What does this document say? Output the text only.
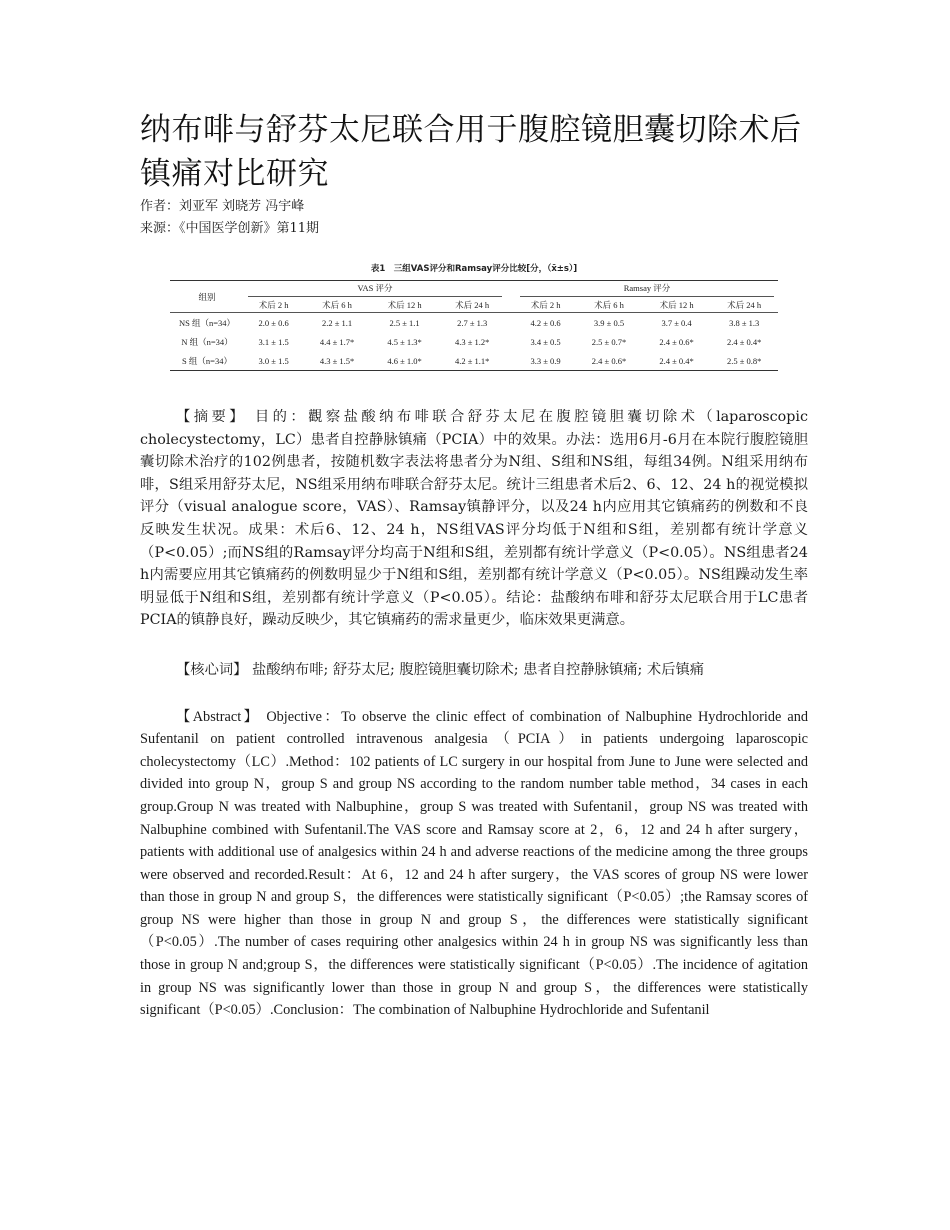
纳布啡与舒芬太尼联合用于腹腔镜胆囊切除术后镇痛对比研究

作者：刘亚军 刘晓芳 冯宇峰

来源：《中国医学创新》第11期

表1　三组VAS评分和Ramsay评分比较[分，（x̄±s）]

组别	VAS 评分					Ramsay 评分			

	术后 2 h	术后 6 h	术后 12 h	术后 24 h		术后 2 h	术后 6 h	术后 12 h	术后 24 h
NS 组（n=34）	2.0 ± 0.6	2.2 ± 1.1	2.5 ± 1.1	2.7 ± 1.3		4.2 ± 0.6	3.9 ± 0.5	3.7 ± 0.4	3.8 ± 1.3
N 组（n=34）	3.1 ± 1.5	4.4 ± 1.7*	4.5 ± 1.3*	4.3 ± 1.2*		3.4 ± 0.5	2.5 ± 0.7*	2.4 ± 0.6*	2.4 ± 0.4*
S 组（n=34）	3.0 ± 1.5	4.3 ± 1.5*	4.6 ± 1.0*	4.2 ± 1.1*		3.3 ± 0.9	2.4 ± 0.6*	2.4 ± 0.4*	2.5 ± 0.8*

【摘要】 目的：觀察盐酸纳布啡联合舒芬太尼在腹腔镜胆囊切除术（laparoscopic cholecystectomy，LC）患者自控静脉镇痛（PCIA）中的效果。办法：选用6月-6月在本院行腹腔镜胆囊切除术治疗的102例患者，按随机数字表法将患者分为N组、S组和NS组，每组34例。N组采用纳布啡，S组采用舒芬太尼，NS组采用纳布啡联合舒芬太尼。统计三组患者术后2、6、12、24 h的视觉模拟评分（visual analogue score，VAS）、Ramsay镇静评分，以及24 h内应用其它镇痛药的例数和不良反映发生状况。成果：术后6、12、24 h，NS组VAS评分均低于N组和S组，差别都有统计学意义（P<0.05）;而NS组的Ramsay评分均高于N组和S组，差别都有统计学意义（P<0.05）。NS组患者24 h内需要应用其它镇痛药的例数明显少于N组和S组，差别都有统计学意义（P<0.05）。NS组躁动发生率明显低于N组和S组，差别都有统计学意义（P<0.05）。结论：盐酸纳布啡和舒芬太尼联合用于LC患者PCIA的镇静良好，躁动反映少，其它镇痛药的需求量更少，临床效果更满意。

【核心词】 盐酸纳布啡; 舒芬太尼; 腹腔镜胆囊切除术; 患者自控静脉镇痛; 术后镇痛

【Abstract】 Objective：To observe the clinic effect of combination of Nalbuphine Hydrochloride and Sufentanil on patient controlled intravenous analgesia（PCIA）in patients undergoing laparoscopic cholecystectomy（LC）.Method：102 patients of LC surgery in our hospital from June to June were selected and divided into group N，group S and group NS according to the random number table method，34 cases in each group.Group N was treated with Nalbuphine，group S was treated with Sufentanil，group NS was treated with Nalbuphine combined with Sufentanil.The VAS score and Ramsay score at 2，6，12 and 24 h after surgery，patients with additional use of analgesics within 24 h and adverse reactions of the medicine among the three groups were observed and recorded.Result：At 6，12 and 24 h after surgery，the VAS scores of group NS were lower than those in group N and group S，the differences were statistically significant（P<0.05）;the Ramsay scores of group NS were higher than those in group N and group S，the differences were statistically significant（P<0.05）.The number of cases requiring other analgesics within 24 h in group NS was significantly less than those in group N and;group S，the differences were statistically significant（P<0.05）.The incidence of agitation in group NS was significantly lower than those in group N and group S，the differences were statistically significant（P<0.05）.Conclusion：The combination of Nalbuphine Hydrochloride and Sufentanil
